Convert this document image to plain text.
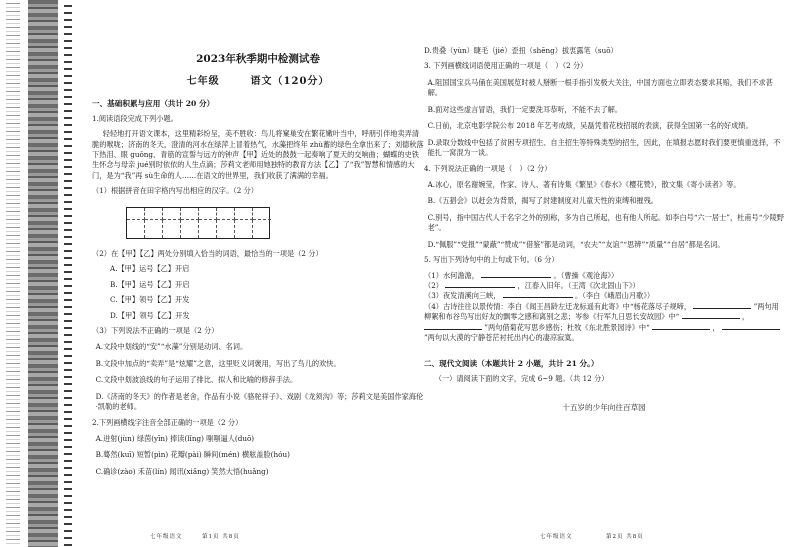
2023年秋季期中检测试卷
七年级	语文（120分）
一、基础积累与应用（共计 20 分）
1.阅读语段完成下列小题。
轻轻地打开语文课本，这里精彩纷呈，美不胜收：鸟儿将窠巢安在繁花嫩叶当中，呼朋引伴地卖弄清脆的喉咙；济南的冬天，澄清的河水在绿萍上冒着热气，水藻把终年 zhù蓄的绿色全拿出来了；刘德秋落下热泪、眼 guǒng、青筋的宣誓与远方的钟声【甲】近处的鼓鼓一起奏响了夏天的交响曲；蝴蝶的史铁生怀念与母亲 jué别时依依的人生点滴；莎莉文老师用她独特的教育方法【乙】了“我”智慧和情感的大门，是为“我”再 sù生命的人……在语文的世界里，我们收获了满满的幸福。
（1）根据拼音在田字格内写出相应的汉字。（2 分）
（2）在【甲】【乙】两处分别填入恰当的词语，最恰当的一项是（2 分）
A.【甲】运号【乙】开启
B.【甲】运号【乙】开启
C.【甲】领号【乙】开发
D.【甲】领号【乙】开发
（3）下列说法不正确的一项是（2 分）
A.文段中划线的“安”“水藻”分别是动词、名词。
B.文段中加点的“卖弄”是“炫耀”之意，这里贬义词褒用，写出了鸟儿的欢快。
C.文段中划波浪线的句子运用了排比、拟人和比喻的修辞手法。
D.《济南的冬天》的作者是老舍，作品有小说《骆驼祥子》、戏剧《龙须沟》等；莎莉文是美国作家海伦·凯勒的老师。
2.下列画横线字注音全部正确的一项是（2 分）
A.迸射(jùn) 绿茵(yīn) 捧读(lǐng) 嗤嗤逼人(duō)
B.蓦然(kuī) 短暂(pìn) 花瓣(pài) 瞬间(mén) 横舷盖脸(hóu)
C.确诊(zào) 禾苗(lín) 闻讯(xiǎng) 笑然大悟(huǎng)
D.贵叠（yùn）睫毛（jié）歪扭（shēng）拔衷露笔（suō）
3. 下列画横线词语使用正确的一项是（　）（2 分）
A.阻国国宝兵马俑在美国展览时被人掰断一根手指引发极大关注，中国方面也立即表态要求其赔，我们不求甚解。
B.面对这些虚言冒语，我们一定要洗耳恭听，不能不去了解。
C.日前，北京电影学院公布 2018 年艺考成绩，吴磊凭着花枝招展的表演，获得全国第一名的好成绩。
D.录取分数线中包括了贫困专项招生、自主招生等特殊类型的招生，因此，在填报志愿时我们要更慎重选择，不能扎一窝混为一谈。
4. 下列说法正确的一项是（　）（2 分）
A.冰心，原名谢婉莹，作家、诗人、著有诗集《繁星》《春水》《樱花赞》，散文集《寄小读者》等。
B.《五猖会》以赶会为背景，揭写了封建制度对儿童天性的束缚和摧残。
C.别号，指中国古代人于名字之外的别称，多为自己所起，也有他人所起。如李白号“六一居士”，杜甫号“少陵野老”。
D.“佩服”“党报”“蒙蔽”“赞成”“借鉴”都是动词，“农夫”“友谊”“思辨”“质量”“自居”都是名词。
5. 写出下列诗句中的上句或下句。（6 分）
（1）水何澹澹，	。（曹操《观沧海》）
（2）	，江春入旧年。（王湾《次北固山下》）
（3）夜发清溪向三峡，	。（李白《峨眉山月歌》）
（4）古诗往往以景传情：李白《闻王昌龄左迁龙标遥有此寄》中“杨花落尽子规啼，	”两句用柳絮和布谷鸟写出好友的飘零之感和离别之悲；岑参《行军九日思长安故园》中“	，  ”两句借菊花写思乡感伤；杜牧《东北胜景园诗》中“	，  ”两句以大漠的宁静苍茫衬托出内心的凄凉寂寞。
二、现代文阅读（本题共计 2 小题，共计 21 分。）
（一）请阅读下面的文字，完成 6~9 题。（共 12 分）
十五岁的少年向往百草园
七年级语文	第1页 共8页	七年级语文	第2页 共8页
